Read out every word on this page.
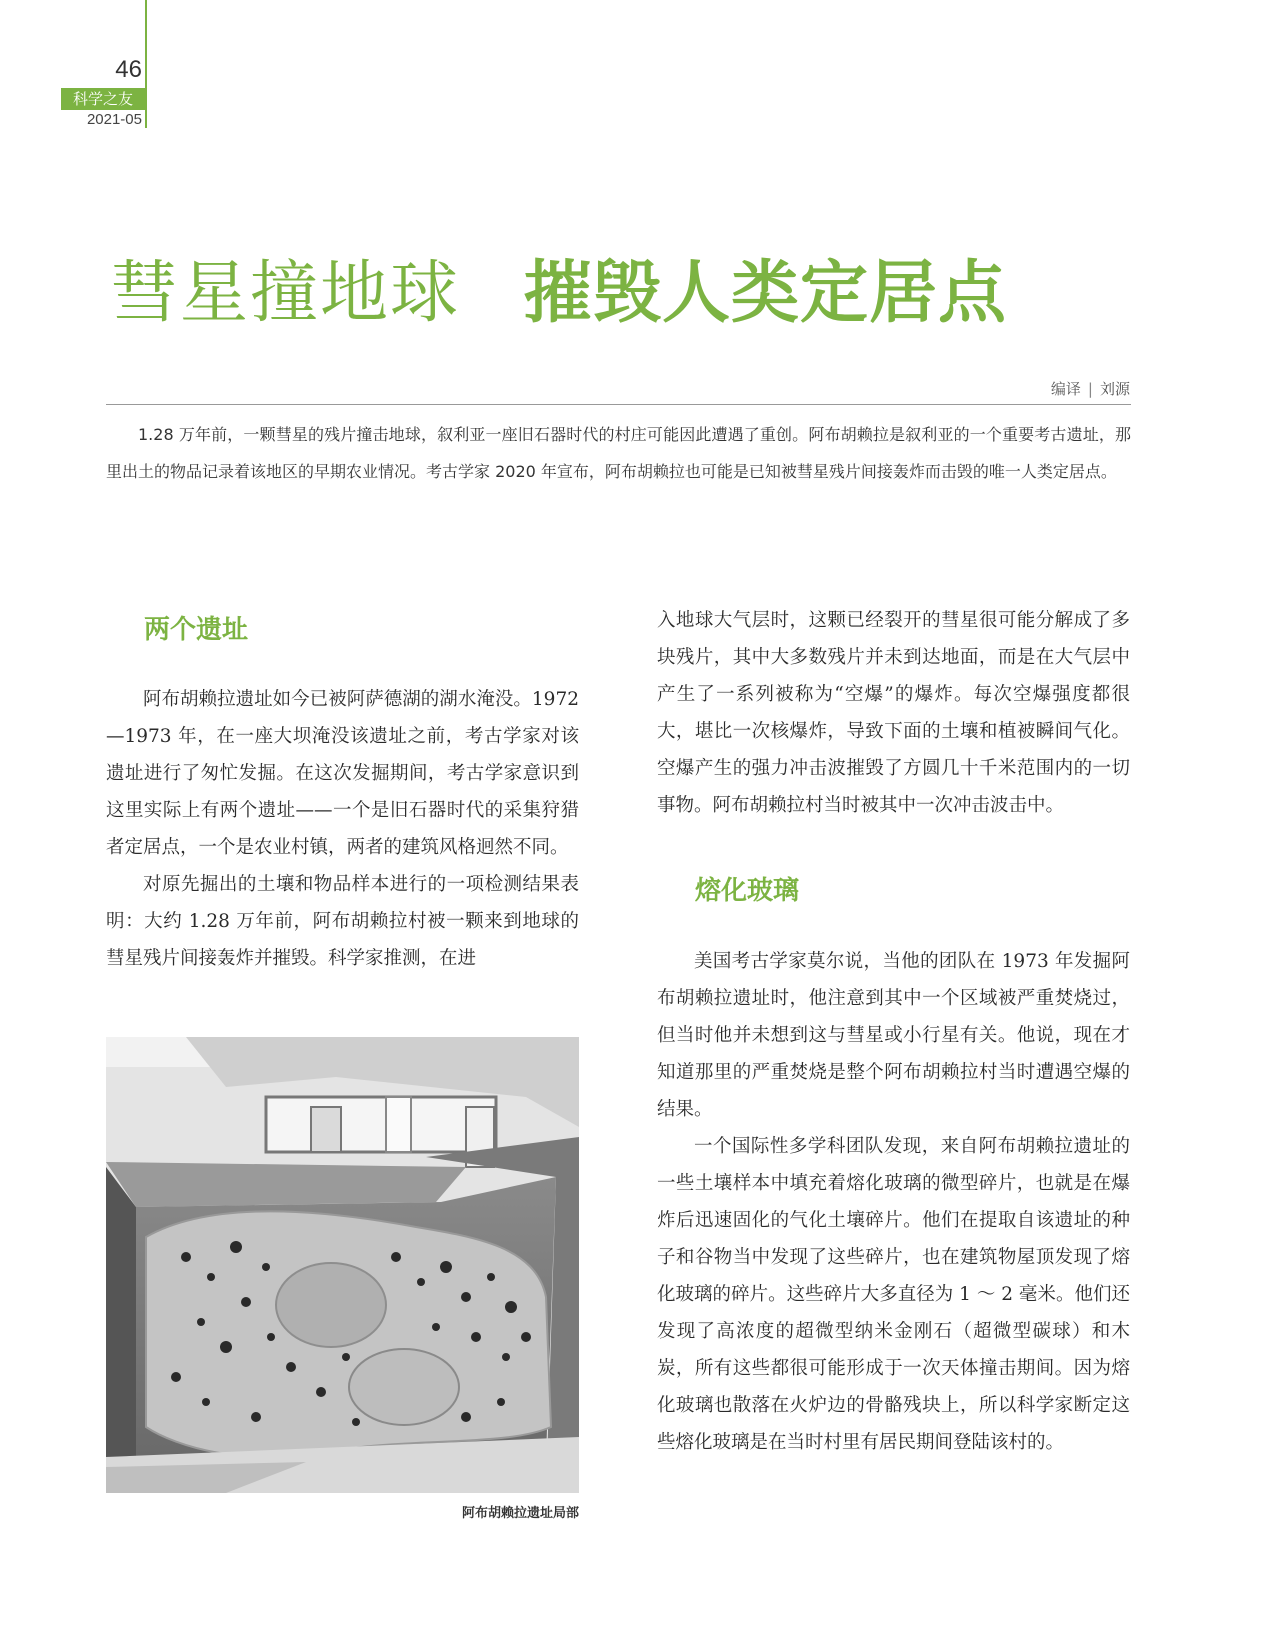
46
科学之友
2021-05
彗星撞地球 摧毁人类定居点
编译 | 刘源

1.28 万年前，一颗彗星的残片撞击地球，叙利亚一座旧石器时代的村庄可能因此遭遇了重创。阿布胡赖拉是叙利亚的一个重要考古遗址，那里出土的物品记录着该地区的早期农业情况。考古学家 2020 年宣布，阿布胡赖拉也可能是已知被彗星残片间接轰炸而击毁的唯一人类定居点。

两个遗址

阿布胡赖拉遗址如今已被阿萨德湖的湖水淹没。1972—1973 年，在一座大坝淹没该遗址之前，考古学家对该遗址进行了匆忙发掘。在这次发掘期间，考古学家意识到这里实际上有两个遗址——一个是旧石器时代的采集狩猎者定居点，一个是农业村镇，两者的建筑风格迥然不同。

对原先掘出的土壤和物品样本进行的一项检测结果表明：大约 1.28 万年前，阿布胡赖拉村被一颗来到地球的彗星残片间接轰炸并摧毁。科学家推测，在进

阿布胡赖拉遗址局部

入地球大气层时，这颗已经裂开的彗星很可能分解成了多块残片，其中大多数残片并未到达地面，而是在大气层中产生了一系列被称为“空爆”的爆炸。每次空爆强度都很大，堪比一次核爆炸，导致下面的土壤和植被瞬间气化。空爆产生的强力冲击波摧毁了方圆几十千米范围内的一切事物。阿布胡赖拉村当时被其中一次冲击波击中。

熔化玻璃

美国考古学家莫尔说，当他的团队在 1973 年发掘阿布胡赖拉遗址时，他注意到其中一个区域被严重焚烧过，但当时他并未想到这与彗星或小行星有关。他说，现在才知道那里的严重焚烧是整个阿布胡赖拉村当时遭遇空爆的结果。

一个国际性多学科团队发现，来自阿布胡赖拉遗址的一些土壤样本中填充着熔化玻璃的微型碎片，也就是在爆炸后迅速固化的气化土壤碎片。他们在提取自该遗址的种子和谷物当中发现了这些碎片，也在建筑物屋顶发现了熔化玻璃的碎片。这些碎片大多直径为 1 ～ 2 毫米。他们还发现了高浓度的超微型纳米金刚石（超微型碳球）和木炭，所有这些都很可能形成于一次天体撞击期间。因为熔化玻璃也散落在火炉边的骨骼残块上，所以科学家断定这些熔化玻璃是在当时村里有居民期间登陆该村的。
